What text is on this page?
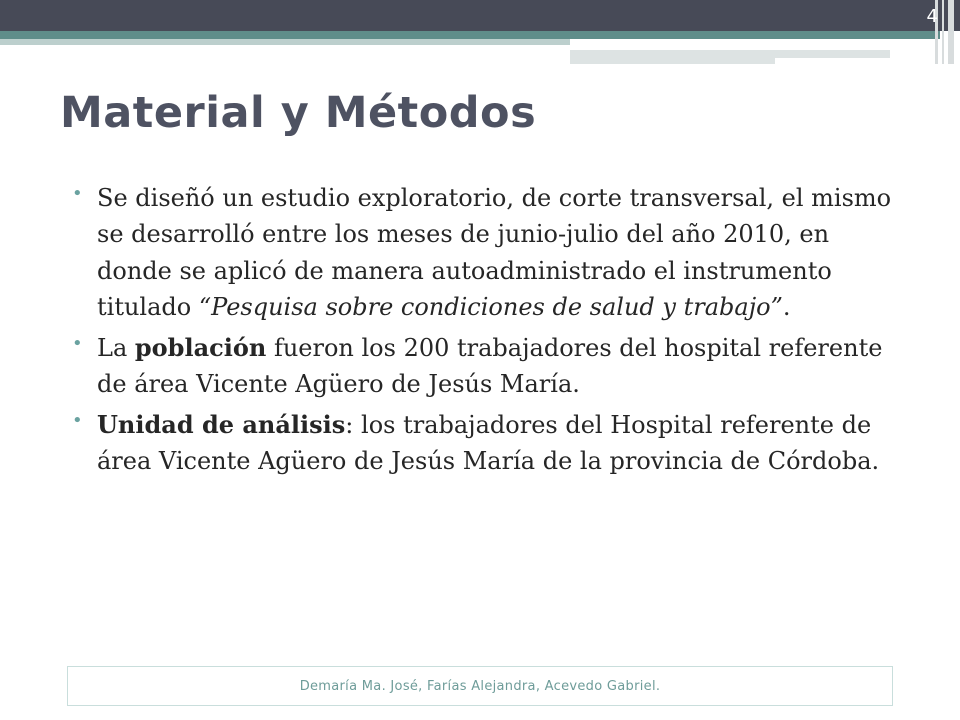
4
Material y Métodos
• Se diseñó un estudio exploratorio, de corte transversal, el mismo se desarrolló entre los meses de junio-julio del año 2010, en donde se aplicó de manera autoadministrado el instrumento titulado “Pesquisa sobre condiciones de salud y trabajo”.
• La población fueron los 200 trabajadores del hospital referente de área Vicente Agüero de Jesús María.
• Unidad de análisis: los trabajadores del Hospital referente de área Vicente Agüero de Jesús María de la provincia de Córdoba.
Demaría Ma. José, Farías Alejandra, Acevedo Gabriel.
